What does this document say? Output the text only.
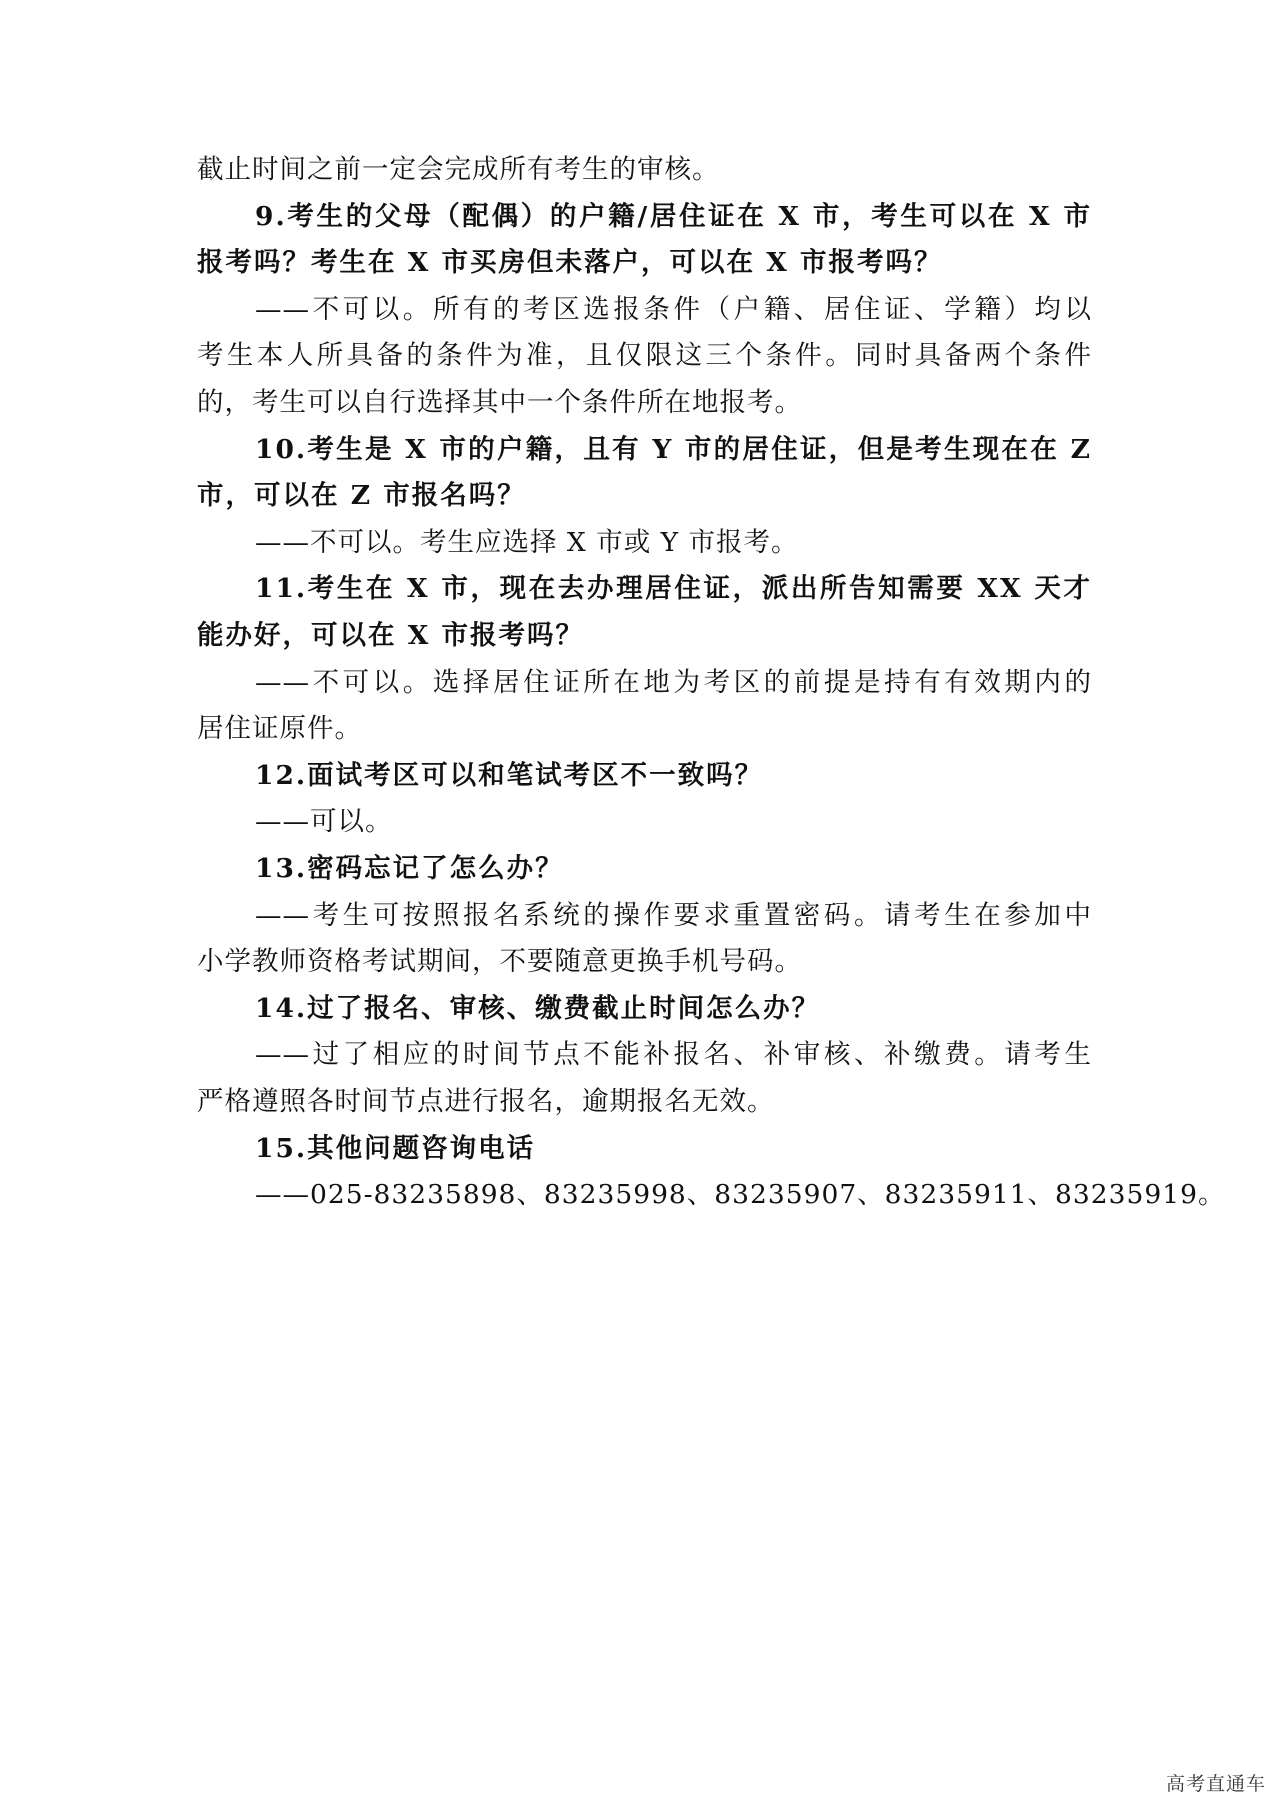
截止时间之前一定会完成所有考生的审核。
9.考生的父母（配偶）的户籍/居住证在 X 市，考生可以在 X 市
报考吗？考生在 X 市买房但未落户，可以在 X 市报考吗？
——不可以。所有的考区选报条件（户籍、居住证、学籍）均以
考生本人所具备的条件为准，且仅限这三个条件。同时具备两个条件
的，考生可以自行选择其中一个条件所在地报考。
10.考生是 X 市的户籍，且有 Y 市的居住证，但是考生现在在 Z
市，可以在 Z 市报名吗？
——不可以。考生应选择 X 市或 Y 市报考。
11.考生在 X 市，现在去办理居住证，派出所告知需要 XX 天才
能办好，可以在 X 市报考吗？
——不可以。选择居住证所在地为考区的前提是持有有效期内的
居住证原件。
12.面试考区可以和笔试考区不一致吗？
——可以。
13.密码忘记了怎么办？
——考生可按照报名系统的操作要求重置密码。请考生在参加中
小学教师资格考试期间，不要随意更换手机号码。
14.过了报名、审核、缴费截止时间怎么办？
——过了相应的时间节点不能补报名、补审核、补缴费。请考生
严格遵照各时间节点进行报名，逾期报名无效。
15.其他问题咨询电话
——025-83235898、83235998、83235907、83235911、83235919。
高考直通车
